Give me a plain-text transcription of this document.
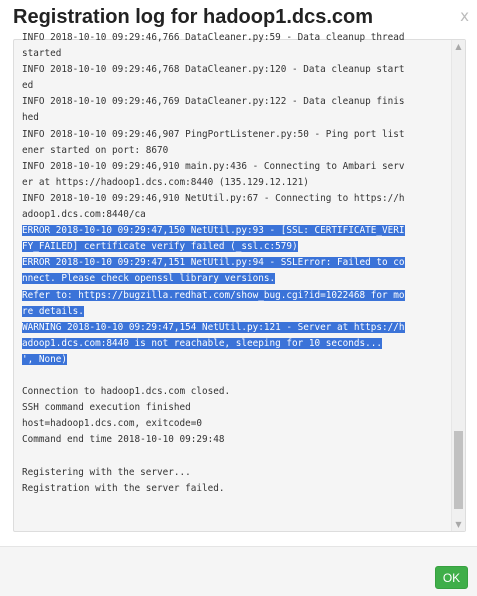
Registration log for hadoop1.dcs.com	x
INFO 2018-10-10 09:29:46,766 DataCleaner.py:59 - Data cleanup thread
started
INFO 2018-10-10 09:29:46,768 DataCleaner.py:120 - Data cleanup start
ed
INFO 2018-10-10 09:29:46,769 DataCleaner.py:122 - Data cleanup finis
hed
INFO 2018-10-10 09:29:46,907 PingPortListener.py:50 - Ping port list
ener started on port: 8670
INFO 2018-10-10 09:29:46,910 main.py:436 - Connecting to Ambari serv
er at https://hadoop1.dcs.com:8440 (135.129.12.121)
INFO 2018-10-10 09:29:46,910 NetUtil.py:67 - Connecting to https://h
adoop1.dcs.com:8440/ca
ERROR 2018-10-10 09:29:47,150 NetUtil.py:93 - [SSL: CERTIFICATE_VERI
FY_FAILED] certificate verify failed (_ssl.c:579)
ERROR 2018-10-10 09:29:47,151 NetUtil.py:94 - SSLError: Failed to co
nnect. Please check openssl library versions.
Refer to: https://bugzilla.redhat.com/show_bug.cgi?id=1022468 for mo
re details.
WARNING 2018-10-10 09:29:47,154 NetUtil.py:121 - Server at https://h
adoop1.dcs.com:8440 is not reachable, sleeping for 10 seconds...
', None)
Connection to hadoop1.dcs.com closed.
SSH command execution finished
host=hadoop1.dcs.com, exitcode=0
Command end time 2018-10-10 09:29:48
Registering with the server...
Registration with the server failed.
▲
▼
OK
